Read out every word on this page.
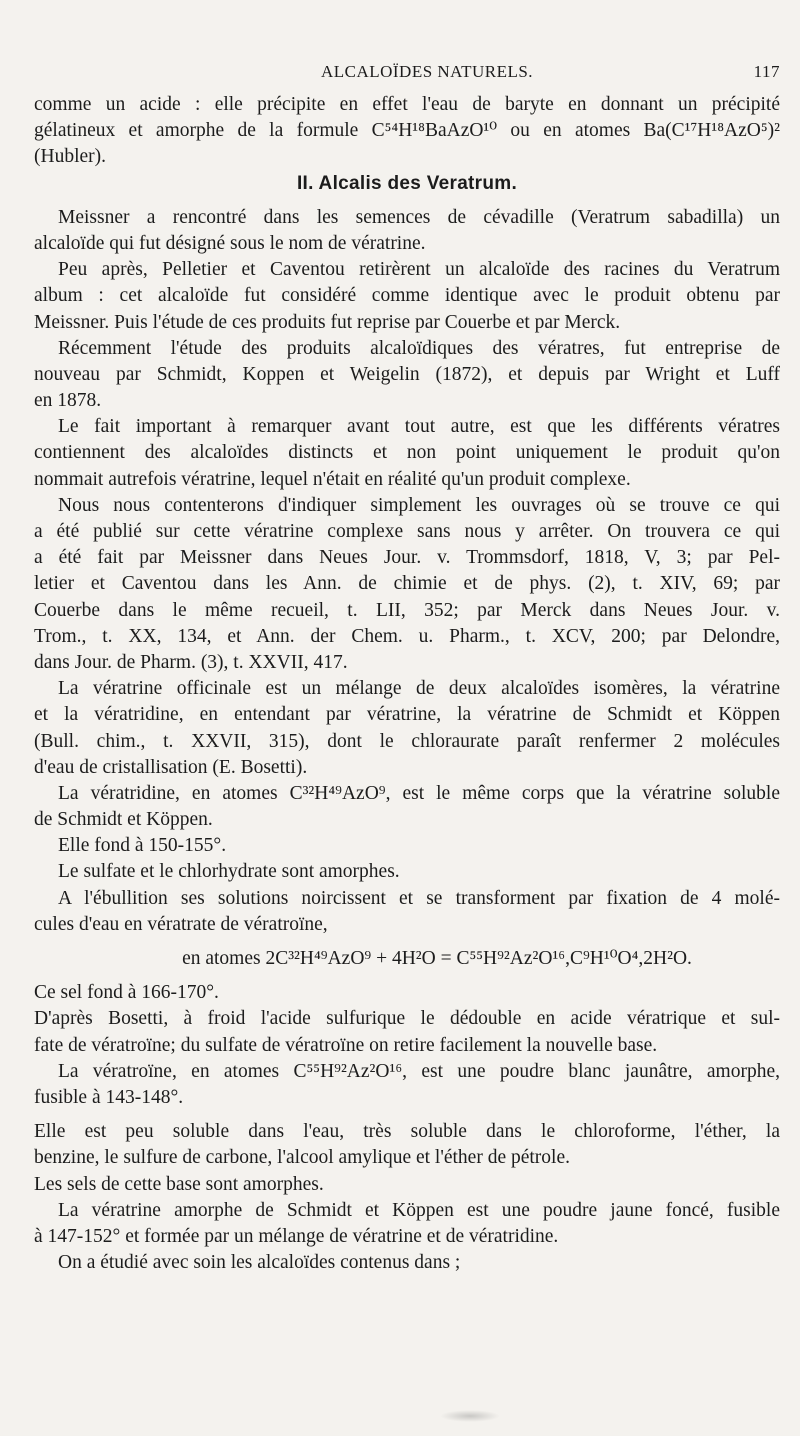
ALCALOÏDES NATURELS.	117
comme un acide : elle précipite en effet l'eau de baryte en donnant un précipité
gélatineux et amorphe de la formule C⁵⁴H¹⁸BaAzO¹⁰ ou en atomes Ba(C¹⁷H¹⁸AzO⁵)²
(Hubler).
II. Alcalis des Veratrum.
Meissner a rencontré dans les semences de cévadille (Veratrum sabadilla) un
alcaloïde qui fut désigné sous le nom de vératrine.
Peu après, Pelletier et Caventou retirèrent un alcaloïde des racines du Veratrum
album : cet alcaloïde fut considéré comme identique avec le produit obtenu par
Meissner. Puis l'étude de ces produits fut reprise par Couerbe et par Merck.
Récemment l'étude des produits alcaloïdiques des vératres, fut entreprise de
nouveau par Schmidt, Koppen et Weigelin (1872), et depuis par Wright et Luff
en 1878.
Le fait important à remarquer avant tout autre, est que les différents vératres
contiennent des alcaloïdes distincts et non point uniquement le produit qu'on
nommait autrefois vératrine, lequel n'était en réalité qu'un produit complexe.
Nous nous contenterons d'indiquer simplement les ouvrages où se trouve ce qui
a été publié sur cette vératrine complexe sans nous y arrêter. On trouvera ce qui
a été fait par Meissner dans Neues Jour. v. Trommsdorf, 1818, V, 3; par Pel-
letier et Caventou dans les Ann. de chimie et de phys. (2), t. XIV, 69; par
Couerbe dans le même recueil, t. LII, 352; par Merck dans Neues Jour. v.
Trom., t. XX, 134, et Ann. der Chem. u. Pharm., t. XCV, 200; par Delondre,
dans Jour. de Pharm. (3), t. XXVII, 417.
La vératrine officinale est un mélange de deux alcaloïdes isomères, la vératrine
et la vératridine, en entendant par vératrine, la vératrine de Schmidt et Köppen
(Bull. chim., t. XXVII, 315), dont le chloraurate paraît renfermer 2 molécules
d'eau de cristallisation (E. Bosetti).
La vératridine, en atomes C³²H⁴⁹AzO⁹, est le même corps que la vératrine soluble
de Schmidt et Köppen.
Elle fond à 150-155°.
Le sulfate et le chlorhydrate sont amorphes.
A l'ébullition ses solutions noircissent et se transforment par fixation de 4 molé-
cules d'eau en vératrate de vératroïne,
en atomes 2C³²H⁴⁹AzO⁹ + 4H²O = C⁵⁵H⁹²Az²O¹⁶,C⁹H¹⁰O⁴,2H²O.
Ce sel fond à 166-170°.
D'après Bosetti, à froid l'acide sulfurique le dédouble en acide vératrique et sul-
fate de vératroïne; du sulfate de vératroïne on retire facilement la nouvelle base.
La vératroïne, en atomes C⁵⁵H⁹²Az²O¹⁶, est une poudre blanc jaunâtre, amorphe,
fusible à 143-148°.
Elle est peu soluble dans l'eau, très soluble dans le chloroforme, l'éther, la
benzine, le sulfure de carbone, l'alcool amylique et l'éther de pétrole.
Les sels de cette base sont amorphes.
La vératrine amorphe de Schmidt et Köppen est une poudre jaune foncé, fusible
à 147-152° et formée par un mélange de vératrine et de vératridine.
On a étudié avec soin les alcaloïdes contenus dans ;
